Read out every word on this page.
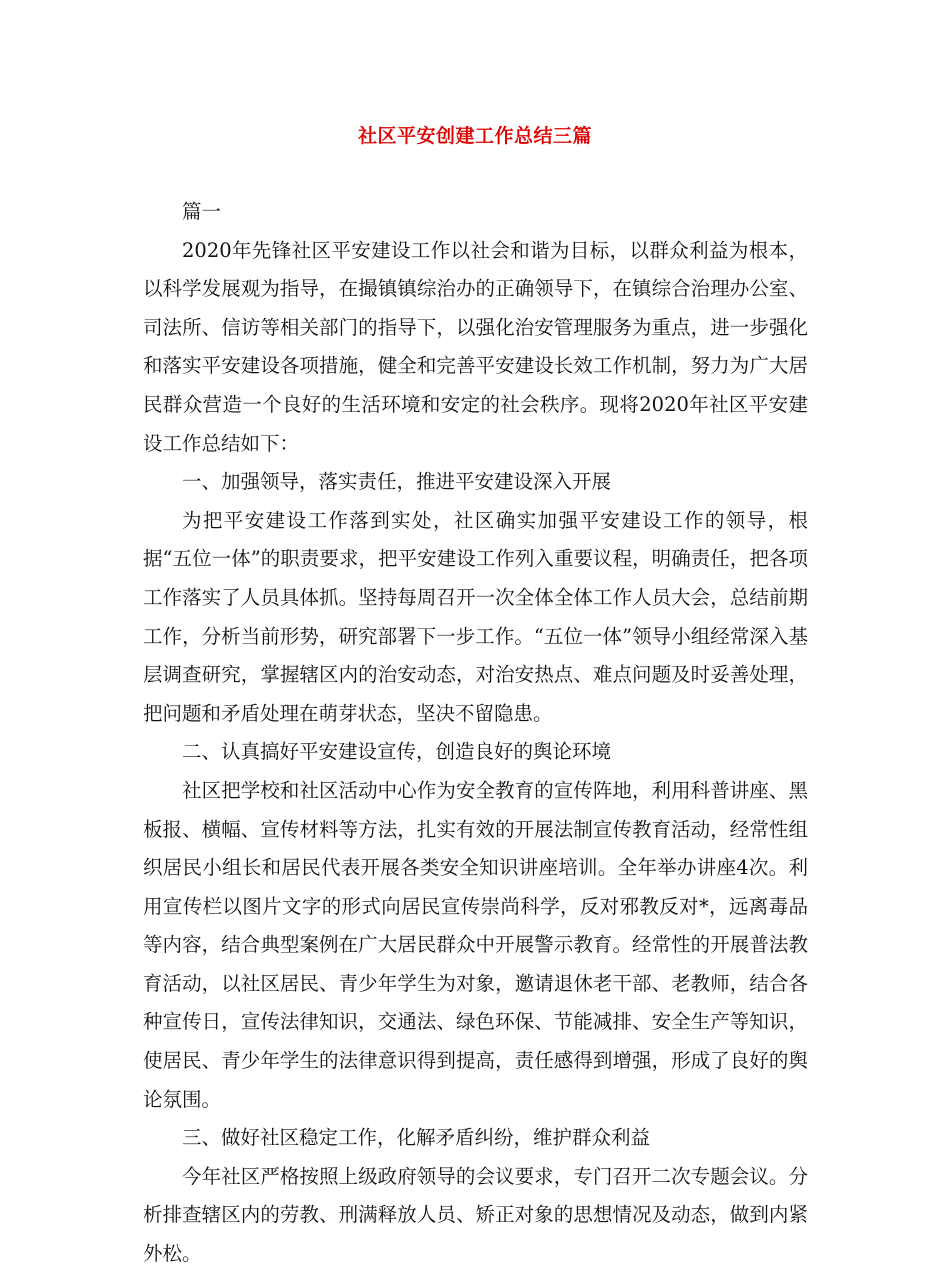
社区平安创建工作总结三篇

篇一

2020年先锋社区平安建设工作以社会和谐为目标，以群众利益为根本，以科学发展观为指导，在撮镇镇综治办的正确领导下，在镇综合治理办公室、司法所、信访等相关部门的指导下，以强化治安管理服务为重点，进一步强化和落实平安建设各项措施，健全和完善平安建设长效工作机制，努力为广大居民群众营造一个良好的生活环境和安定的社会秩序。现将2020年社区平安建设工作总结如下：

一、加强领导，落实责任，推进平安建设深入开展

为把平安建设工作落到实处，社区确实加强平安建设工作的领导，根据“五位一体”的职责要求，把平安建设工作列入重要议程，明确责任，把各项工作落实了人员具体抓。坚持每周召开一次全体全体工作人员大会，总结前期工作，分析当前形势，研究部署下一步工作。“五位一体”领导小组经常深入基层调查研究，掌握辖区内的治安动态，对治安热点、难点问题及时妥善处理，把问题和矛盾处理在萌芽状态，坚决不留隐患。

二、认真搞好平安建设宣传，创造良好的舆论环境

社区把学校和社区活动中心作为安全教育的宣传阵地，利用科普讲座、黑板报、横幅、宣传材料等方法，扎实有效的开展法制宣传教育活动，经常性组织居民小组长和居民代表开展各类安全知识讲座培训。全年举办讲座4次。利用宣传栏以图片文字的形式向居民宣传崇尚科学，反对邪教反对*，远离毒品等内容，结合典型案例在广大居民群众中开展警示教育。经常性的开展普法教育活动，以社区居民、青少年学生为对象，邀请退休老干部、老教师，结合各种宣传日，宣传法律知识，交通法、绿色环保、节能减排、安全生产等知识，使居民、青少年学生的法律意识得到提高，责任感得到增强，形成了良好的舆论氛围。

三、做好社区稳定工作，化解矛盾纠纷，维护群众利益

今年社区严格按照上级政府领导的会议要求，专门召开二次专题会议。分析排查辖区内的劳教、刑满释放人员、矫正对象的思想情况及动态，做到内紧外松。
